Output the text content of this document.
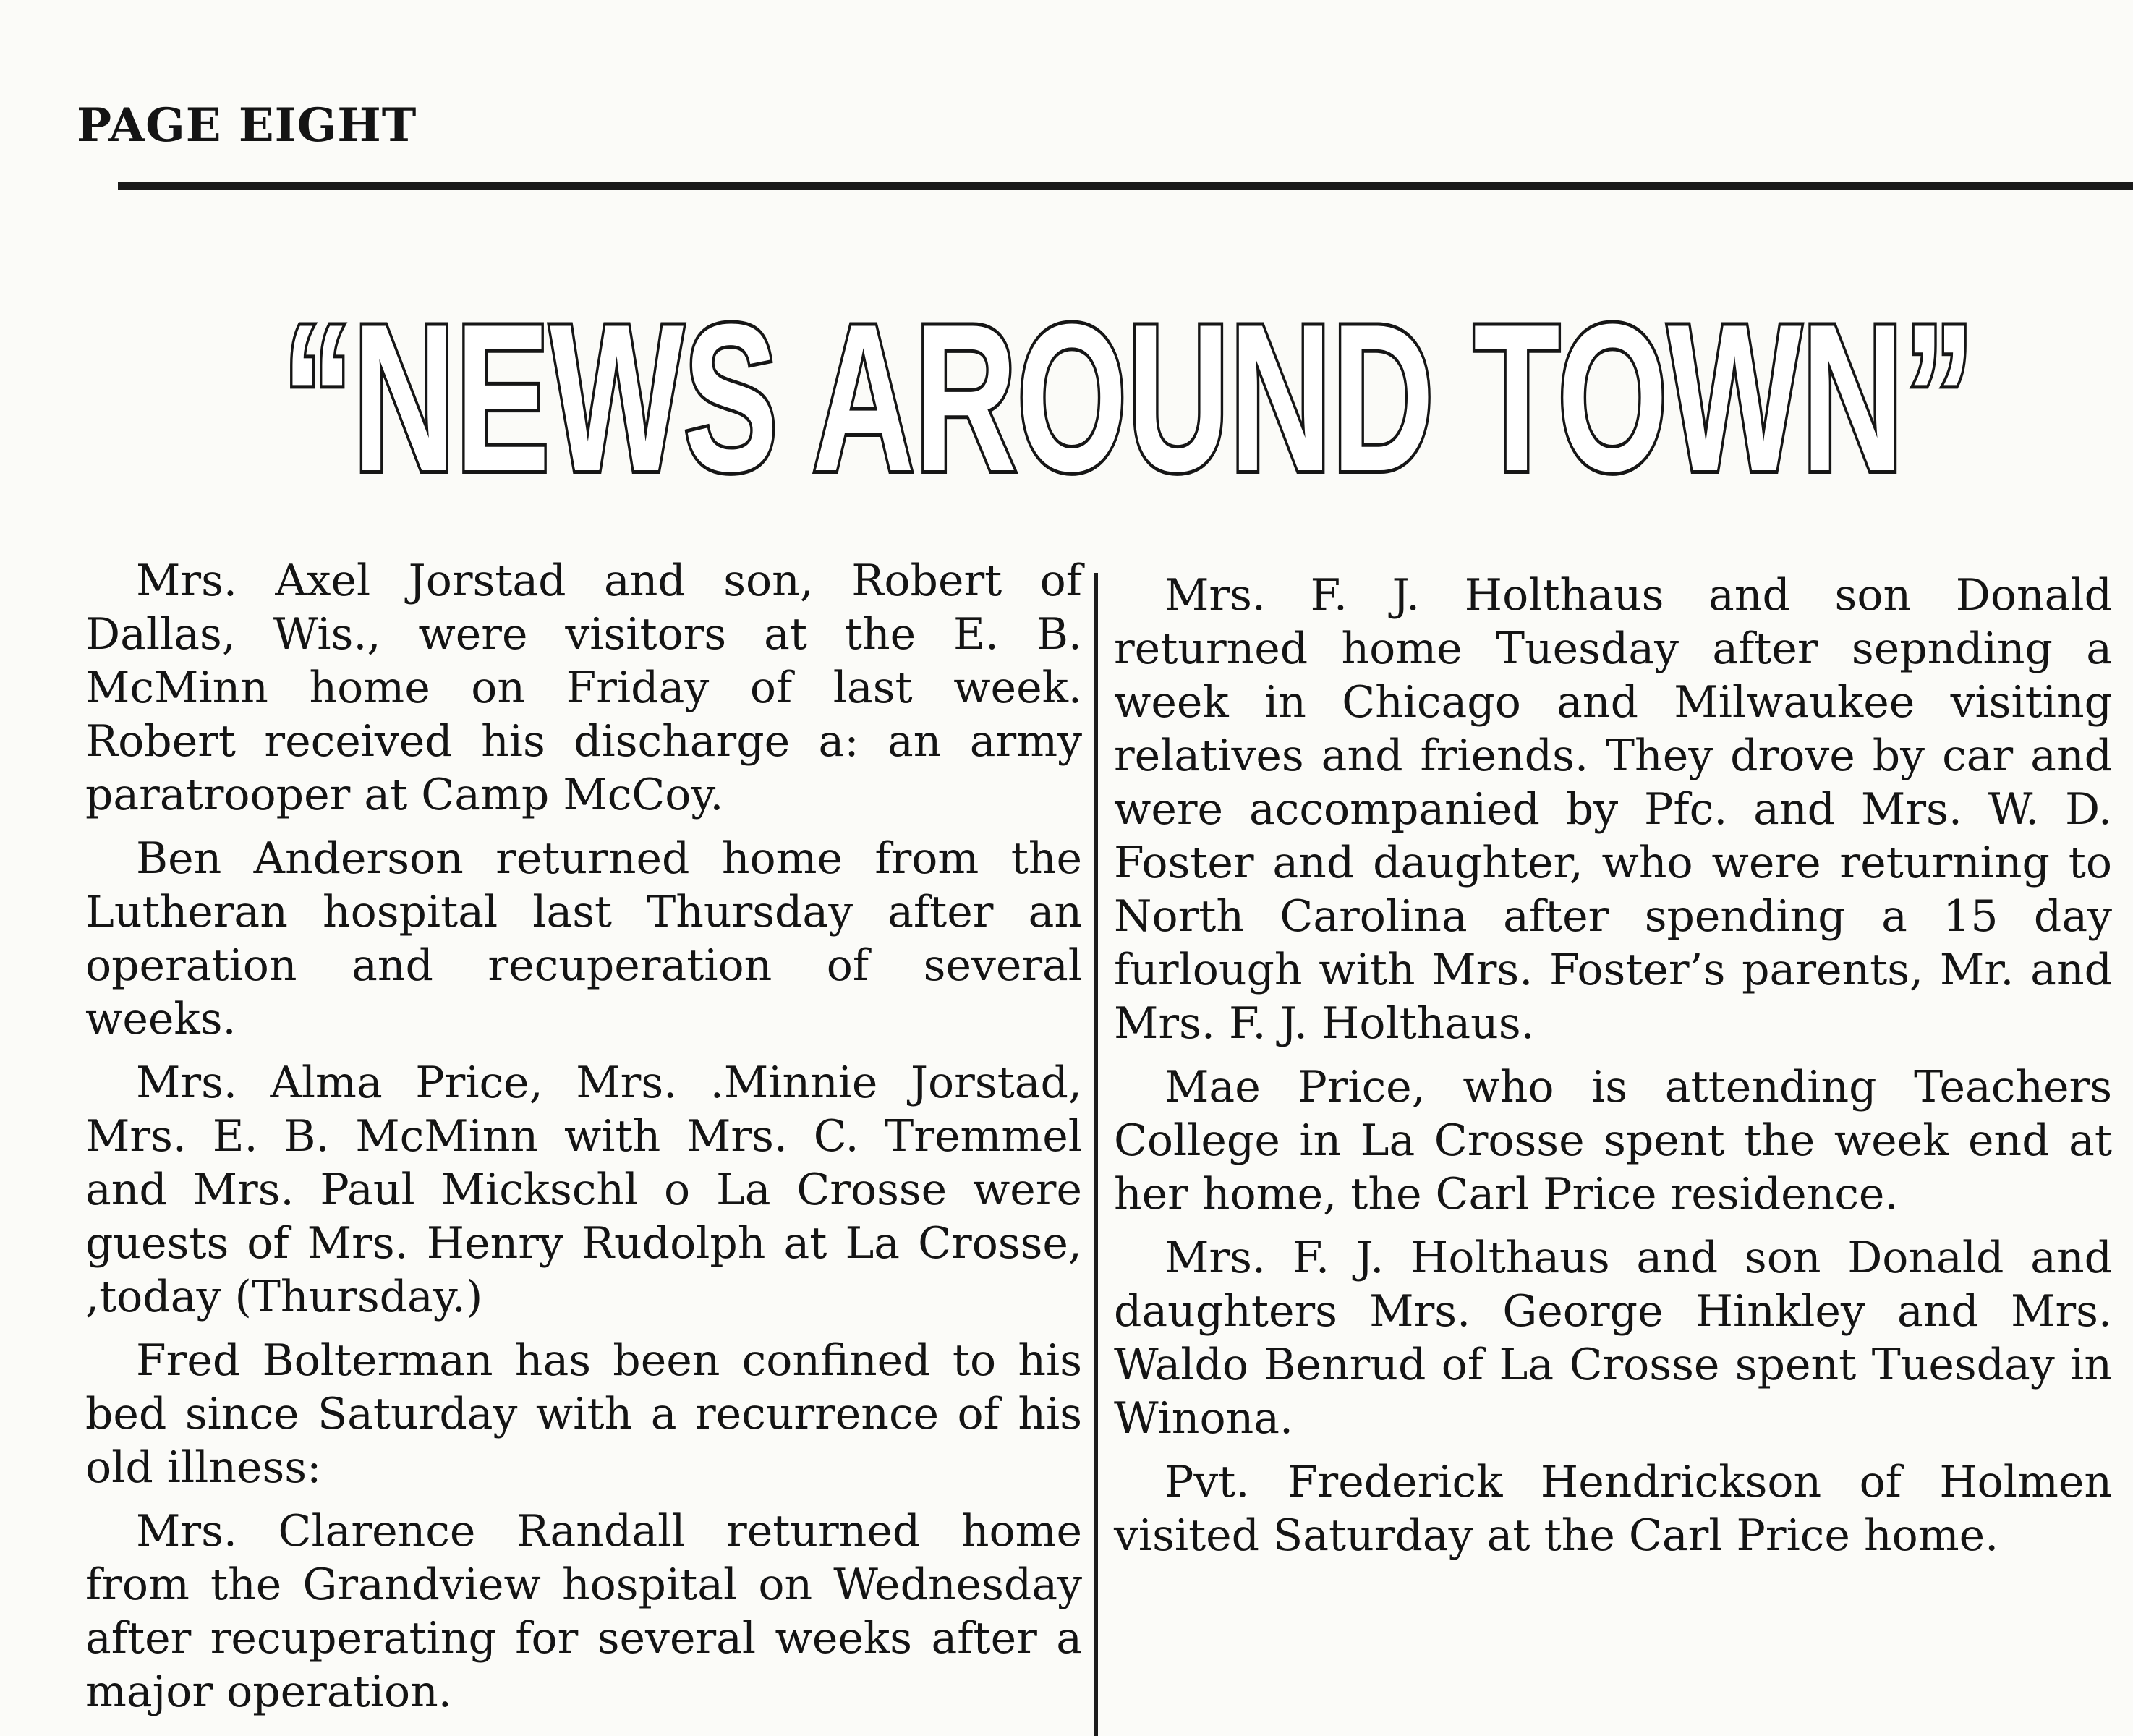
PAGE EIGHT
“NEWS AROUND TOWN”

Mrs. Axel Jorstad and son, Robert of Dallas, Wis., were visitors at the E. B. McMinn home on Friday of last week. Robert received his discharge a: an army paratrooper at Camp McCoy.

Ben Anderson returned home from the Lutheran hospital last Thursday after an operation and recuperation of several weeks.

Mrs. Alma Price, Mrs. .Minnie Jorstad, Mrs. E. B. McMinn with Mrs. C. Tremmel and Mrs. Paul Mickschl o La Crosse were guests of Mrs. Henry Rudolph at La Crosse, ,today (Thursday.)

Fred Bolterman has been confined to his bed since Saturday with a recurrence of his old illness:

Mrs. Clarence Randall returned home from the Grandview hospital on Wednesday after recuperating for several weeks after a major operation.

Mrs. F. J. Holthaus and son Donald returned home Tuesday after sepnding a week in Chicago and Milwaukee visiting relatives and friends. They drove by car and were accompanied by Pfc. and Mrs. W. D. Foster and daughter, who were returning to North Carolina after spending a 15 day furlough with Mrs. Foster’s parents, Mr. and Mrs. F. J. Holthaus.

Mae Price, who is attending Teachers College in La Crosse spent the week end at her home, the Carl Price residence.

Mrs. F. J. Holthaus and son Donald and daughters Mrs. George Hinkley and Mrs. Waldo Benrud of La Crosse spent Tuesday in Winona.

Pvt. Frederick Hendrickson of Holmen visited Saturday at the Carl Price home.
